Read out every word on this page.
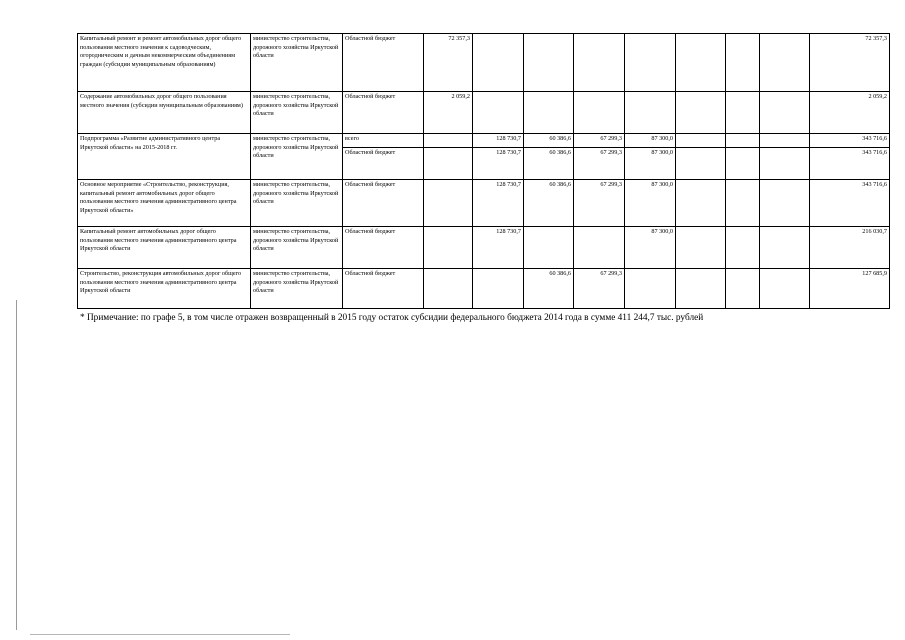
Капитальный ремонт и ремонт автомобильных дорог общего пользования местного значения к садоводческим, огородническим и дачным некоммерческим объединениям граждан (субсидии муниципальным образованиям)	министерство строительства, дорожного хозяйства Иркутской области	Областной бюджет	72 357,3								72 357,3
Содержание автомобильных дорог общего пользования местного значения (субсидии муниципальным образованиям)	министерство строительства, дорожного хозяйства Иркутской области	Областной бюджет	2 059,2								2 059,2
Подпрограмма «Развитие административного центра Иркутской области» на 2015-2018 гг.	министерство строительства, дорожного хозяйства Иркутской области	всего		128 730,7	60 386,6	67 299,3	87 300,0				343 716,6
		Областной бюджет		128 730,7	60 386,6	67 299,3	87 300,0				343 716,6
Основное мероприятие «Строительство, реконструкция, капитальный ремонт автомобильных дорог общего пользования местного значения административного центра Иркутской области»	министерство строительства, дорожного хозяйства Иркутской области	Областной бюджет		128 730,7	60 386,6	67 299,3	87 300,0				343 716,6
Капитальный ремонт автомобильных дорог общего пользования местного значения административного центра Иркутской области	министерство строительства, дорожного хозяйства Иркутской области	Областной бюджет		128 730,7			87 300,0				216 030,7
Строительство, реконструкция автомобильных дорог общего пользования местного значения административного центра Иркутской области	министерство строительства, дорожного хозяйства Иркутской области	Областной бюджет			60 386,6	67 299,3					127 685,9
* Примечание: по графе 5, в том числе отражен возвращенный в 2015 году остаток субсидии федерального бюджета 2014 года в сумме 411 244,7 тыс. рублей
